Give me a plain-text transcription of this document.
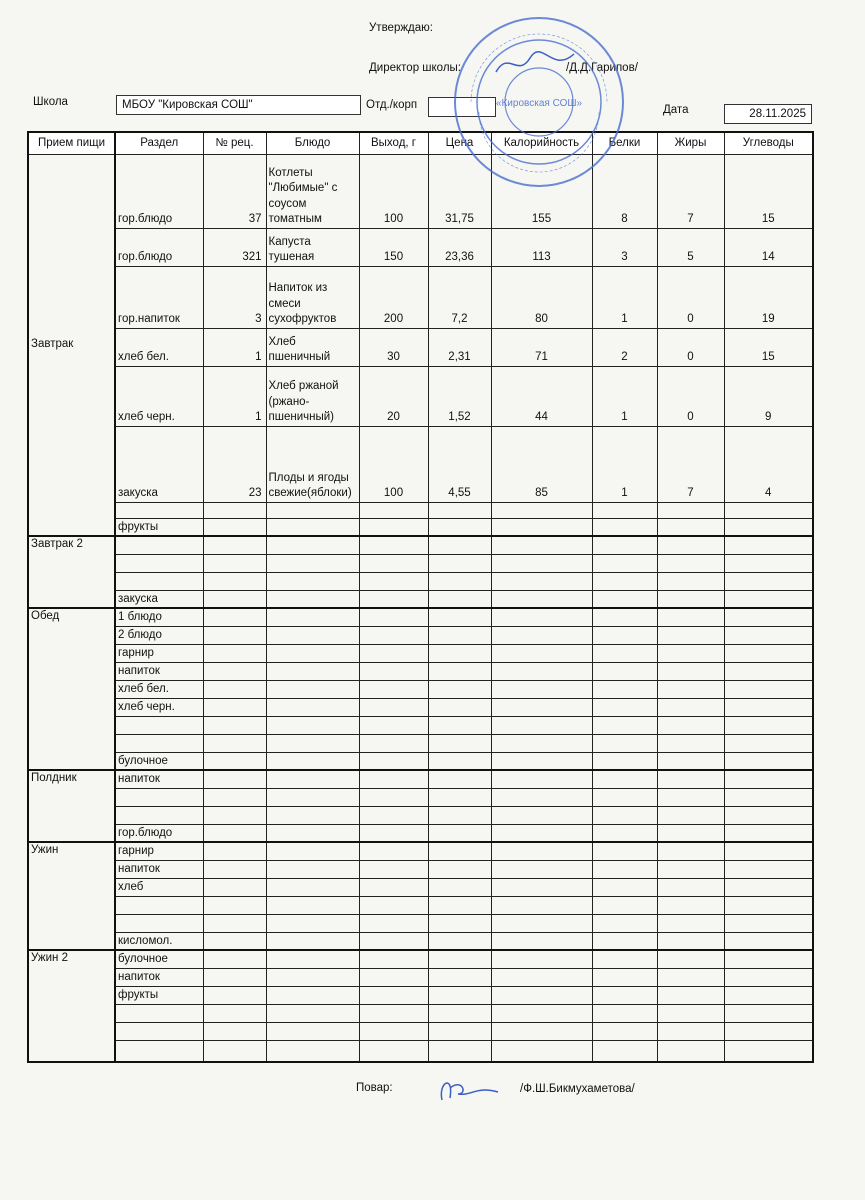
Утверждаю:
Директор школы:	/Д.Д.Гарипов/
Школа	МБОУ "Кировская СОШ"	Отд./корп	Дата	28.11.2025
Прием пищи	Раздел	№ рец.	Блюдо	Выход, г	Цена	Калорийность	Белки	Жиры	Углеводы
Завтрак	гор.блюдо	37	Котлеты "Любимые" с соусом томатным	100	31,75	155	8	7	15
	гор.блюдо	321	Капуста тушеная	150	23,36	113	3	5	14
	гор.напиток	3	Напиток из смеси сухофруктов	200	7,2	80	1	0	19
	хлеб бел.	1	Хлеб пшеничный	30	2,31	71	2	0	15
	хлеб черн.	1	Хлеб ржаной (ржано-пшеничный)	20	1,52	44	1	0	9
	закуска	23	Плоды и ягоды свежие(яблоки)	100	4,55	85	1	7	4

	фрукты								
Завтрак 2									

	закуска								
Обед	1 блюдо								
	2 блюдо								
	гарнир								
	напиток								
	хлеб бел.								
	хлеб черн.								

	булочное								
Полдник	напиток								

	гор.блюдо								
Ужин	гарнир								
	напиток								
	хлеб								

	кисломол.								
Ужин 2	булочное								
	напиток								
	фрукты								

«Кировская СОШ»
Повар:	/Ф.Ш.Бикмухаметова/
